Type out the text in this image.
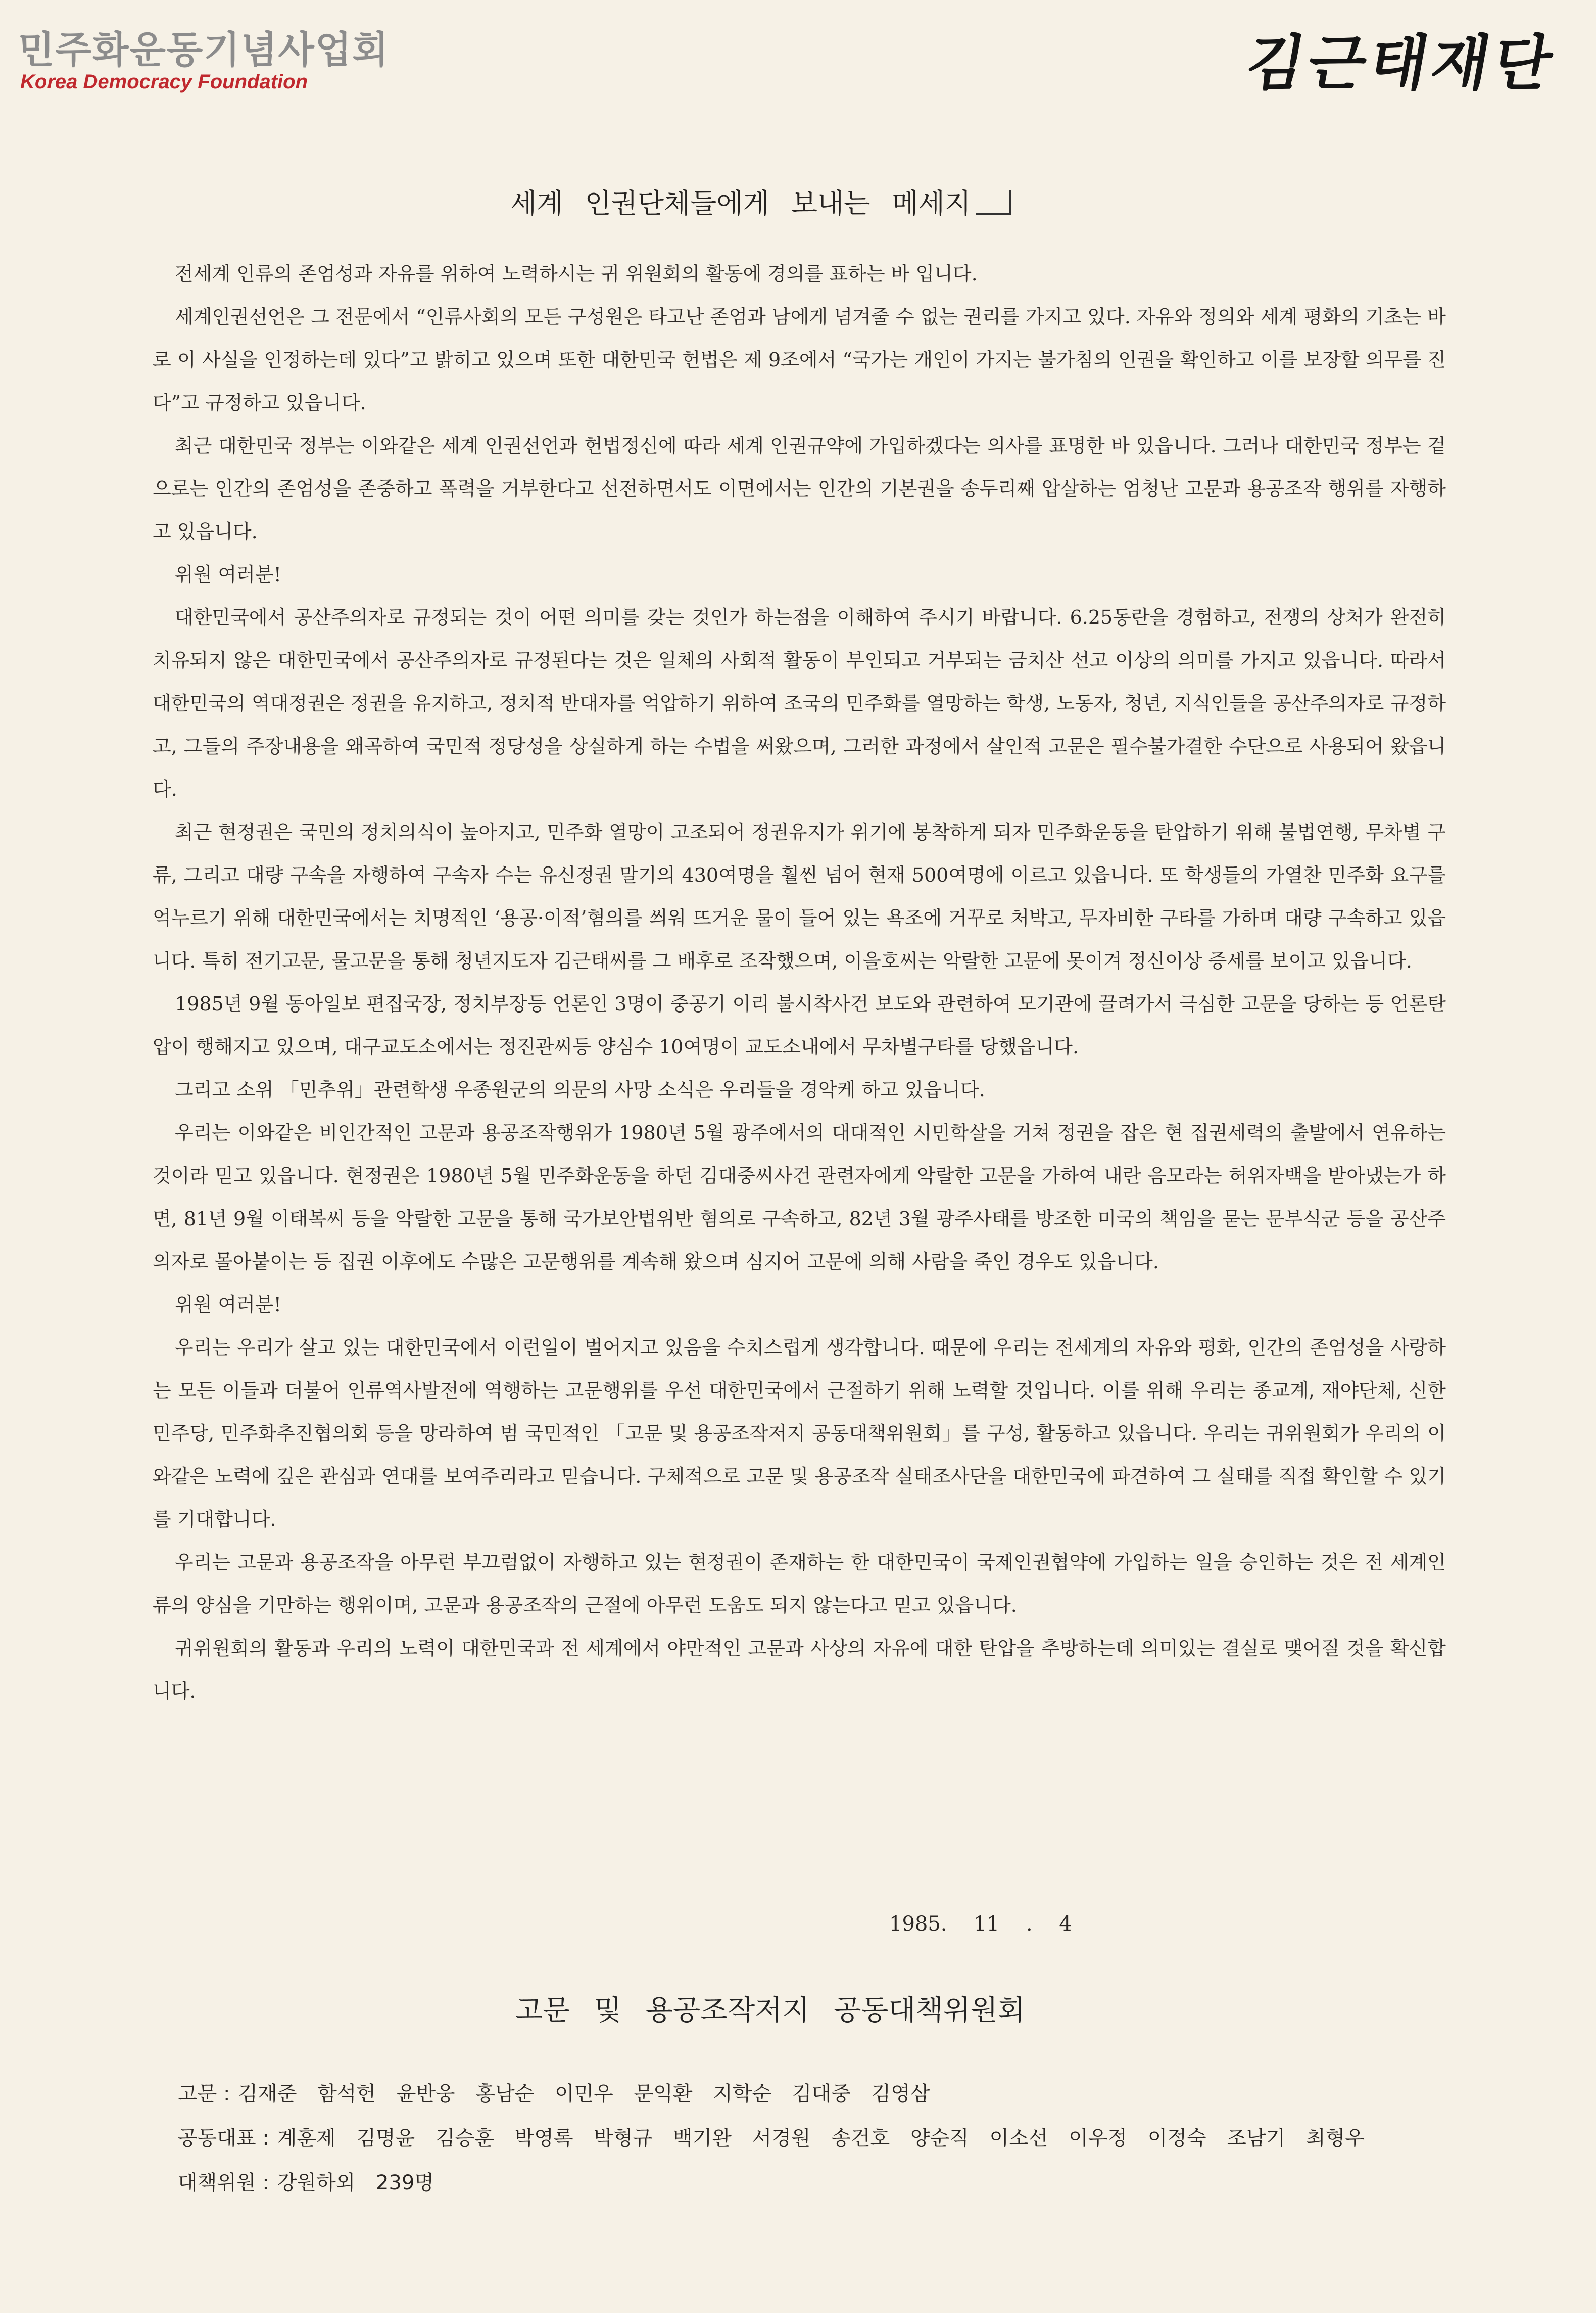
민주화운동기념사업회
Korea Democracy Foundation	김근태재단
세계 인권단체들에게 보내는 메세지

전세계 인류의 존엄성과 자유를 위하여 노력하시는 귀 위원회의 활동에 경의를 표하는 바 입니다.

세계인권선언은 그 전문에서 “인류사회의 모든 구성원은 타고난 존엄과 남에게 넘겨줄 수 없는 권리를 가지고 있다. 자유와 정의와 세계 평화의 기초는 바로 이 사실을 인정하는데 있다”고 밝히고 있으며 또한 대한민국 헌법은 제 9조에서 “국가는 개인이 가지는 불가침의 인권을 확인하고 이를 보장할 의무를 진다”고 규정하고 있읍니다.

최근 대한민국 정부는 이와같은 세계 인권선언과 헌법정신에 따라 세계 인권규약에 가입하겠다는 의사를 표명한 바 있읍니다. 그러나 대한민국 정부는 겉으로는 인간의 존엄성을 존중하고 폭력을 거부한다고 선전하면서도 이면에서는 인간의 기본권을 송두리째 압살하는 엄청난 고문과 용공조작 행위를 자행하고 있읍니다.

위원 여러분!

대한민국에서 공산주의자로 규정되는 것이 어떤 의미를 갖는 것인가 하는점을 이해하여 주시기 바랍니다. 6.25동란을 경험하고, 전쟁의 상처가 완전히 치유되지 않은 대한민국에서 공산주의자로 규정된다는 것은 일체의 사회적 활동이 부인되고 거부되는 금치산 선고 이상의 의미를 가지고 있읍니다. 따라서 대한민국의 역대정권은 정권을 유지하고, 정치적 반대자를 억압하기 위하여 조국의 민주화를 열망하는 학생, 노동자, 청년, 지식인들을 공산주의자로 규정하고, 그들의 주장내용을 왜곡하여 국민적 정당성을 상실하게 하는 수법을 써왔으며, 그러한 과정에서 살인적 고문은 필수불가결한 수단으로 사용되어 왔읍니다.

최근 현정권은 국민의 정치의식이 높아지고, 민주화 열망이 고조되어 정권유지가 위기에 봉착하게 되자 민주화운동을 탄압하기 위해 불법연행, 무차별 구류, 그리고 대량 구속을 자행하여 구속자 수는 유신정권 말기의 430여명을 훨씬 넘어 현재 500여명에 이르고 있읍니다. 또 학생들의 가열찬 민주화 요구를 억누르기 위해 대한민국에서는 치명적인 ‘용공·이적’혐의를 씌워 뜨거운 물이 들어 있는 욕조에 거꾸로 처박고, 무자비한 구타를 가하며 대량 구속하고 있읍니다. 특히 전기고문, 물고문을 통해 청년지도자 김근태씨를 그 배후로 조작했으며, 이을호씨는 악랄한 고문에 못이겨 정신이상 증세를 보이고 있읍니다.

1985년 9월 동아일보 편집국장, 정치부장등 언론인 3명이 중공기 이리 불시착사건 보도와 관련하여 모기관에 끌려가서 극심한 고문을 당하는 등 언론탄압이 행해지고 있으며, 대구교도소에서는 정진관씨등 양심수 10여명이 교도소내에서 무차별구타를 당했읍니다.

그리고 소위 「민추위」관련학생 우종원군의 의문의 사망 소식은 우리들을 경악케 하고 있읍니다.

우리는 이와같은 비인간적인 고문과 용공조작행위가 1980년 5월 광주에서의 대대적인 시민학살을 거쳐 정권을 잡은 현 집권세력의 출발에서 연유하는 것이라 믿고 있읍니다. 현정권은 1980년 5월 민주화운동을 하던 김대중씨사건 관련자에게 악랄한 고문을 가하여 내란 음모라는 허위자백을 받아냈는가 하면, 81년 9월 이태복씨 등을 악랄한 고문을 통해 국가보안법위반 혐의로 구속하고, 82년 3월 광주사태를 방조한 미국의 책임을 묻는 문부식군 등을 공산주의자로 몰아붙이는 등 집권 이후에도 수많은 고문행위를 계속해 왔으며 심지어 고문에 의해 사람을 죽인 경우도 있읍니다.

위원 여러분!

우리는 우리가 살고 있는 대한민국에서 이런일이 벌어지고 있음을 수치스럽게 생각합니다. 때문에 우리는 전세계의 자유와 평화, 인간의 존엄성을 사랑하는 모든 이들과 더불어 인류역사발전에 역행하는 고문행위를 우선 대한민국에서 근절하기 위해 노력할 것입니다. 이를 위해 우리는 종교계, 재야단체, 신한민주당, 민주화추진협의회 등을 망라하여 범 국민적인 「고문 및 용공조작저지 공동대책위원회」를 구성, 활동하고 있읍니다. 우리는 귀위원회가 우리의 이와같은 노력에 깊은 관심과 연대를 보여주리라고 믿습니다. 구체적으로 고문 및 용공조작 실태조사단을 대한민국에 파견하여 그 실태를 직접 확인할 수 있기를 기대합니다.

우리는 고문과 용공조작을 아무런 부끄럼없이 자행하고 있는 현정권이 존재하는 한 대한민국이 국제인권협약에 가입하는 일을 승인하는 것은 전 세계인류의 양심을 기만하는 행위이며, 고문과 용공조작의 근절에 아무런 도움도 되지 않는다고 믿고 있읍니다.

귀위원회의 활동과 우리의 노력이 대한민국과 전 세계에서 야만적인 고문과 사상의 자유에 대한 탄압을 추방하는데 의미있는 결실로 맺어질 것을 확신합니다.

1985. 11 . 4
고문 및 용공조작저지 공동대책위원회
고문 : 김재준 함석헌 윤반웅 홍남순 이민우 문익환 지학순 김대중 김영삼
공동대표 : 계훈제 김명윤 김승훈 박영록 박형규 백기완 서경원 송건호 양순직 이소선 이우정 이정숙 조남기 최형우
대책위원 : 강원하외 239명
